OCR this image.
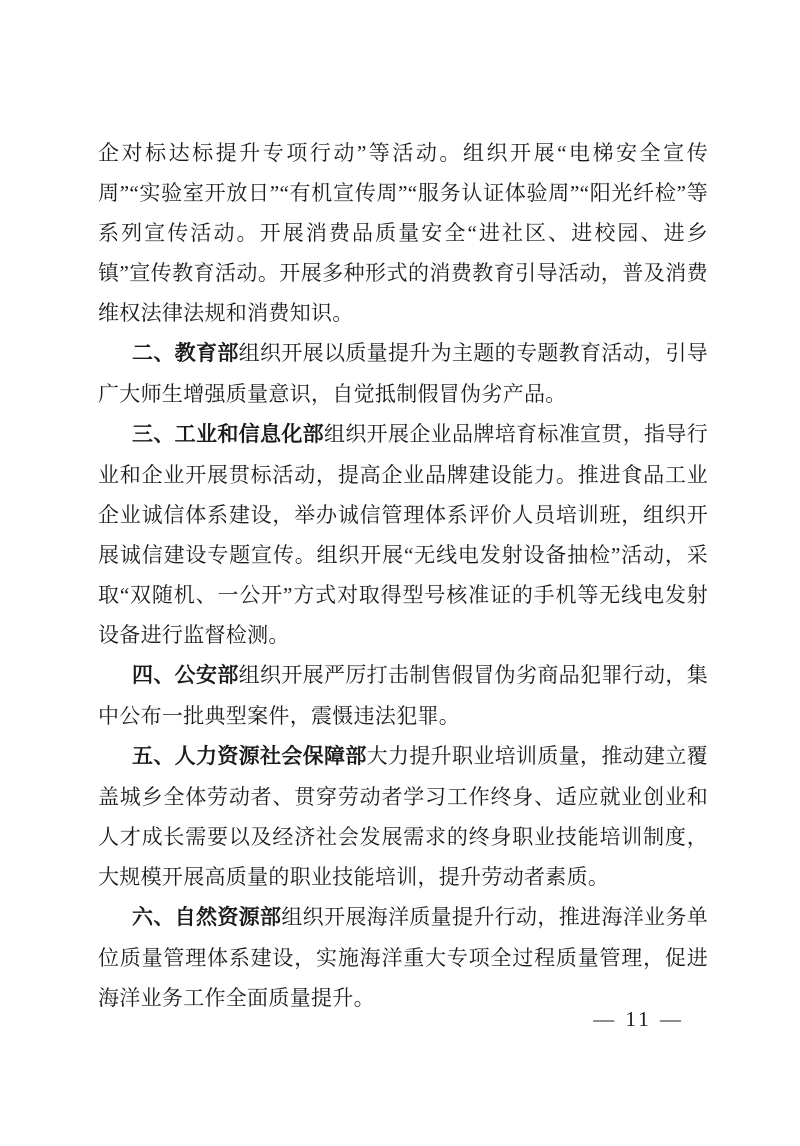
企对标达标提升专项行动”等活动。组织开展“电梯安全宣传周”“实验室开放日”“有机宣传周”“服务认证体验周”“阳光纤检”等系列宣传活动。开展消费品质量安全“进社区、进校园、进乡镇”宣传教育活动。开展多种形式的消费教育引导活动，普及消费维权法律法规和消费知识。

二、教育部组织开展以质量提升为主题的专题教育活动，引导广大师生增强质量意识，自觉抵制假冒伪劣产品。

三、工业和信息化部组织开展企业品牌培育标准宣贯，指导行业和企业开展贯标活动，提高企业品牌建设能力。推进食品工业企业诚信体系建设，举办诚信管理体系评价人员培训班，组织开展诚信建设专题宣传。组织开展“无线电发射设备抽检”活动，采取“双随机、一公开”方式对取得型号核准证的手机等无线电发射设备进行监督检测。

四、公安部组织开展严厉打击制售假冒伪劣商品犯罪行动，集中公布一批典型案件，震慑违法犯罪。

五、人力资源社会保障部大力提升职业培训质量，推动建立覆盖城乡全体劳动者、贯穿劳动者学习工作终身、适应就业创业和人才成长需要以及经济社会发展需求的终身职业技能培训制度，大规模开展高质量的职业技能培训，提升劳动者素质。

六、自然资源部组织开展海洋质量提升行动，推进海洋业务单位质量管理体系建设，实施海洋重大专项全过程质量管理，促进海洋业务工作全面质量提升。

— 11 —
